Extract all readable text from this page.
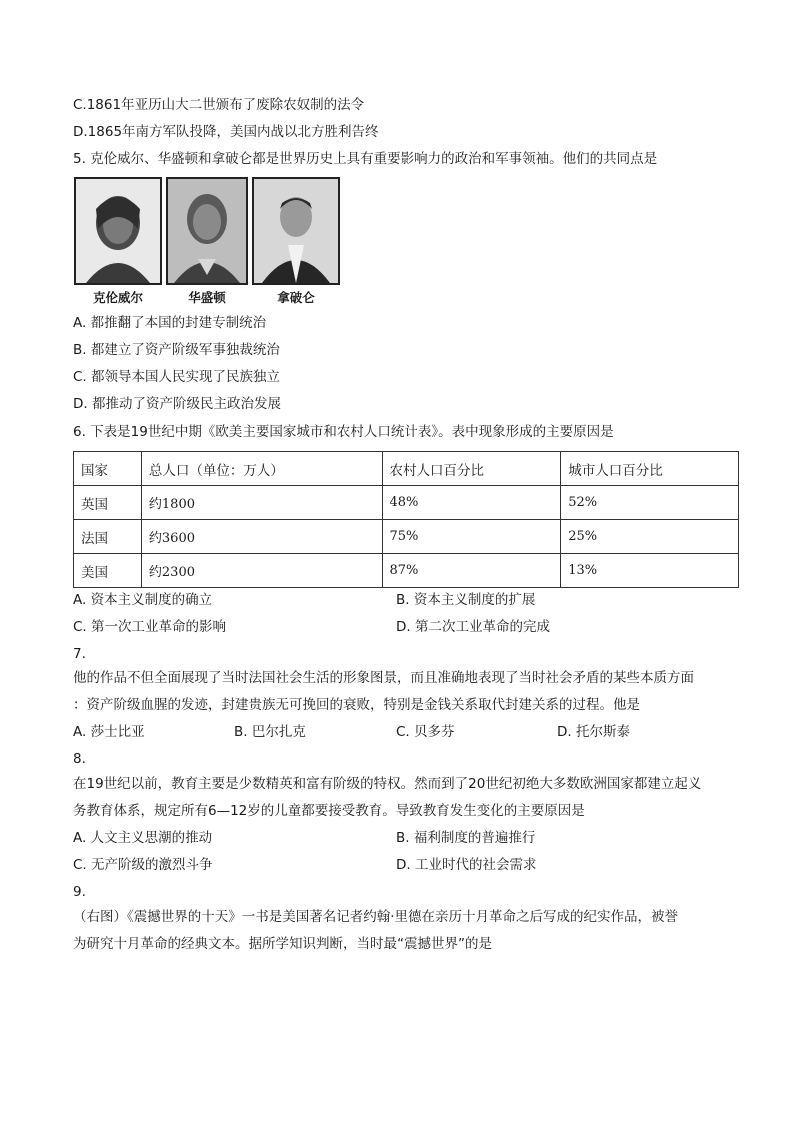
C.1861年亚历山大二世颁布了废除农奴制的法令
D.1865年南方军队投降，美国内战以北方胜利告终
5. 克伦威尔、华盛顿和拿破仑都是世界历史上具有重要影响力的政治和军事领袖。他们的共同点是
克伦威尔	华盛顿	拿破仑
A. 都推翻了本国的封建专制统治
B. 都建立了资产阶级军事独裁统治
C. 都领导本国人民实现了民族独立
D. 都推动了资产阶级民主政治发展
6. 下表是19世纪中期《欧美主要国家城市和农村人口统计表》。表中现象形成的主要原因是
国家	总人口（单位：万人）	农村人口百分比	城市人口百分比
英国	约1800	48%	52%
法国	约3600	75%	25%
美国	约2300	87%	13%
A. 资本主义制度的确立	B. 资本主义制度的扩展
C. 第一次工业革命的影响	D. 第二次工业革命的完成
7.
他的作品不但全面展现了当时法国社会生活的形象图景，而且准确地表现了当时社会矛盾的某些本质方面
：资产阶级血腥的发迹，封建贵族无可挽回的衰败，特别是金钱关系取代封建关系的过程。他是
A. 莎士比亚	B. 巴尔扎克	C. 贝多芬	D. 托尔斯泰
8.
在19世纪以前，教育主要是少数精英和富有阶级的特权。然而到了20世纪初绝大多数欧洲国家都建立起义
务教育体系，规定所有6—12岁的儿童都要接受教育。导致教育发生变化的主要原因是
A. 人文主义思潮的推动	B. 福利制度的普遍推行
C. 无产阶级的激烈斗争	D. 工业时代的社会需求
9.
（右图）《震撼世界的十天》一书是美国著名记者约翰·里德在亲历十月革命之后写成的纪实作品，被誉
为研究十月革命的经典文本。据所学知识判断，当时最“震撼世界”的是
